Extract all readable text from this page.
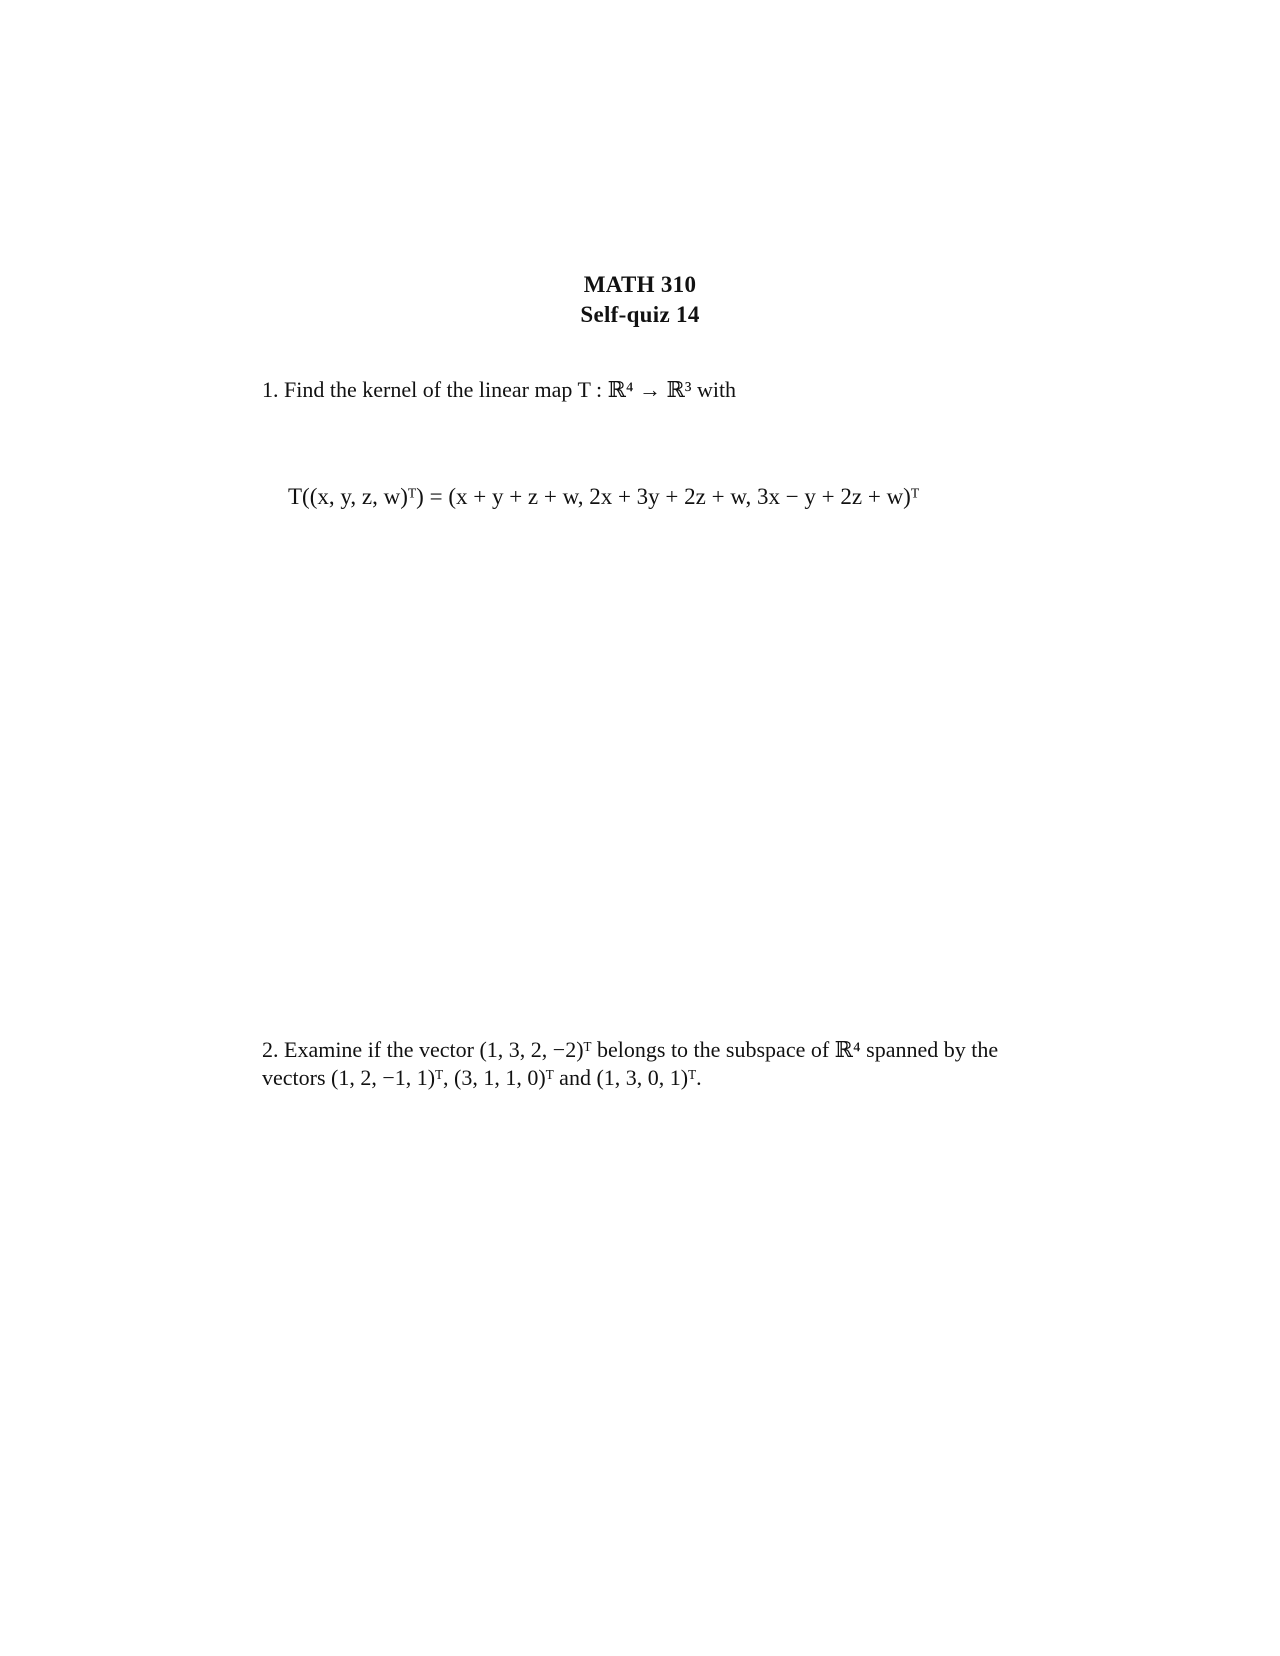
MATH 310
Self-quiz 14
1. Find the kernel of the linear map T : ℝ⁴ → ℝ³ with
T((x, y, z, w)ᵀ) = (x + y + z + w, 2x + 3y + 2z + w, 3x − y + 2z + w)ᵀ
2. Examine if the vector (1, 3, 2, −2)ᵀ belongs to the subspace of ℝ⁴ spanned by the vectors (1, 2, −1, 1)ᵀ, (3, 1, 1, 0)ᵀ and (1, 3, 0, 1)ᵀ.
